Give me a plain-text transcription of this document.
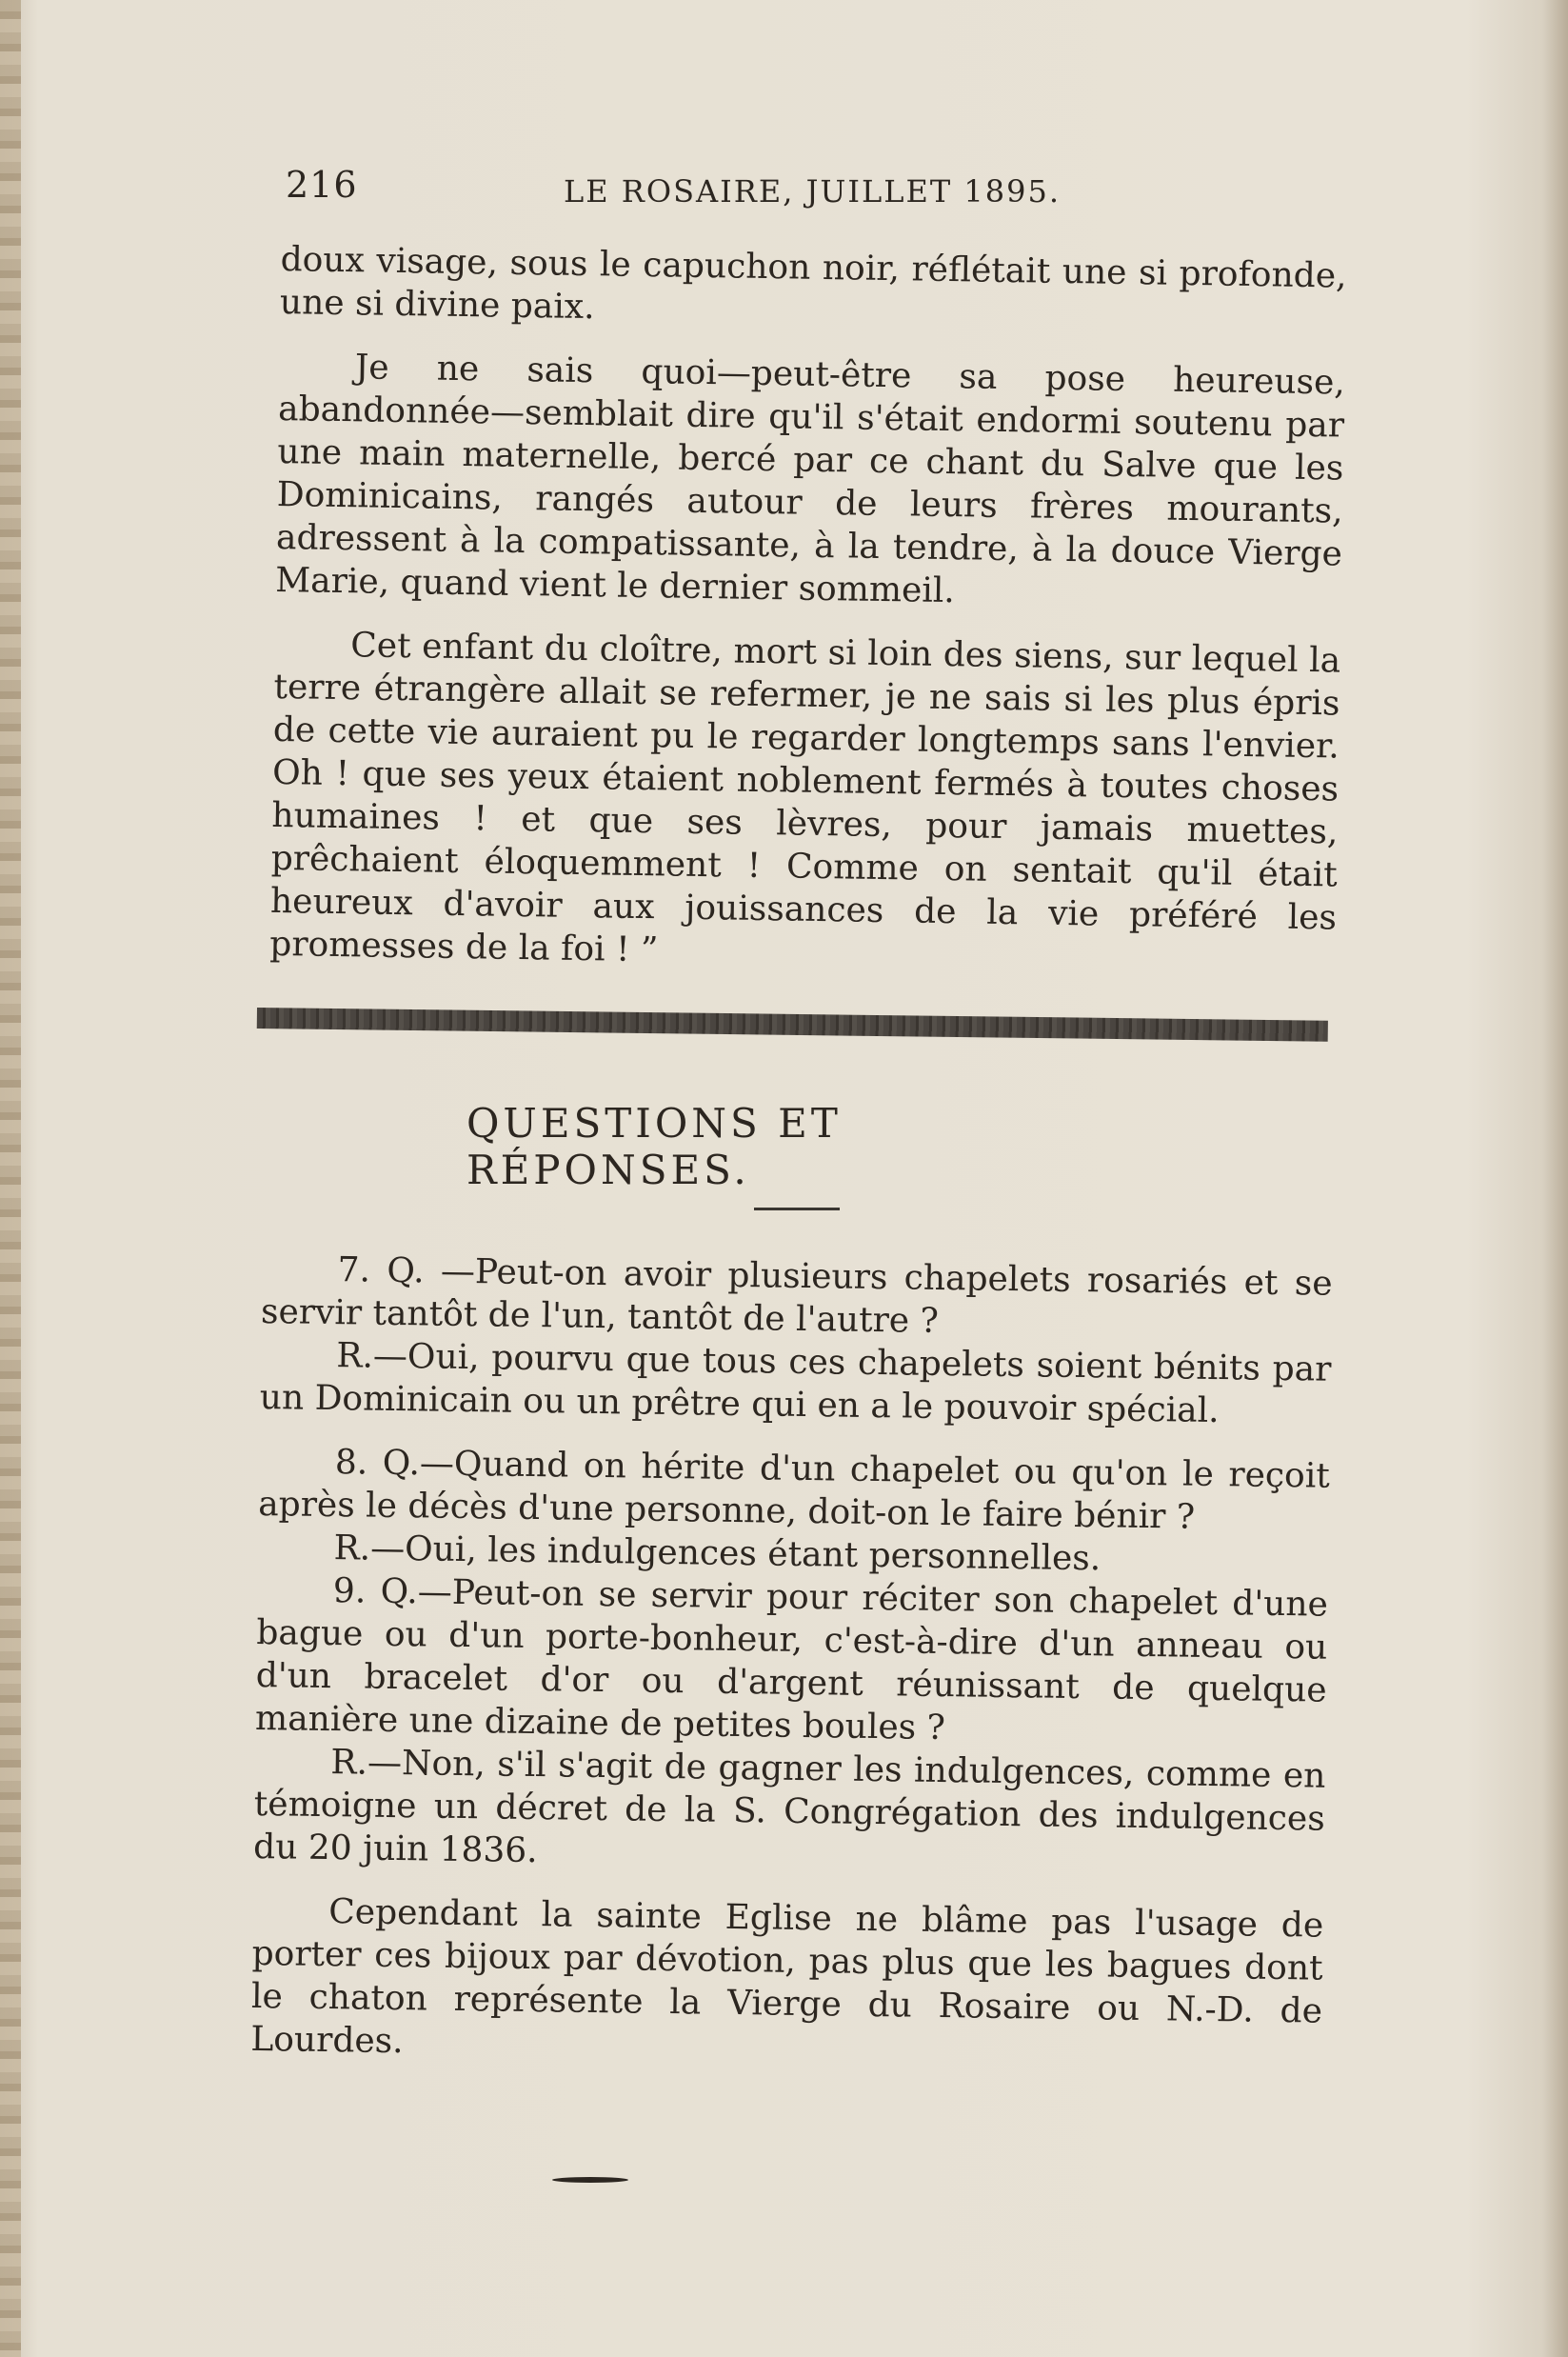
216	LE ROSAIRE, JUILLET 1895.

doux visage, sous le capuchon noir, réflétait une si profonde, une si divine paix.

Je ne sais quoi—peut-être sa pose heureuse, abandonnée—semblait dire qu'il s'était endormi soutenu par une main maternelle, bercé par ce chant du Salve que les Dominicains, rangés autour de leurs frères mourants, adressent à la compatissante, à la tendre, à la douce Vierge Marie, quand vient le dernier sommeil.

Cet enfant du cloître, mort si loin des siens, sur lequel la terre étrangère allait se refermer, je ne sais si les plus épris de cette vie auraient pu le regarder longtemps sans l'envier. Oh ! que ses yeux étaient noblement fermés à toutes choses humaines ! et que ses lèvres, pour jamais muettes, prêchaient éloquemment ! Comme on sentait qu'il était heureux d'avoir aux jouissances de la vie préféré les promesses de la foi ! ”

QUESTIONS ET RÉPONSES.

7. Q. —Peut-on avoir plusieurs chapelets rosariés et se servir tantôt de l'un, tantôt de l'autre ?

R.—Oui, pourvu que tous ces chapelets soient bénits par un Dominicain ou un prêtre qui en a le pouvoir spécial.

8. Q.—Quand on hérite d'un chapelet ou qu'on le reçoit après le décès d'une personne, doit-on le faire bénir ?

R.—Oui, les indulgences étant personnelles.

9. Q.—Peut-on se servir pour réciter son chapelet d'une bague ou d'un porte-bonheur, c'est-à-dire d'un anneau ou d'un bracelet d'or ou d'argent réunissant de quelque manière une dizaine de petites boules ?

R.—Non, s'il s'agit de gagner les indulgences, comme en témoigne un décret de la S. Congrégation des indulgences du 20 juin 1836.

Cependant la sainte Eglise ne blâme pas l'usage de porter ces bijoux par dévotion, pas plus que les bagues dont le chaton représente la Vierge du Rosaire ou N.-D. de Lourdes.
